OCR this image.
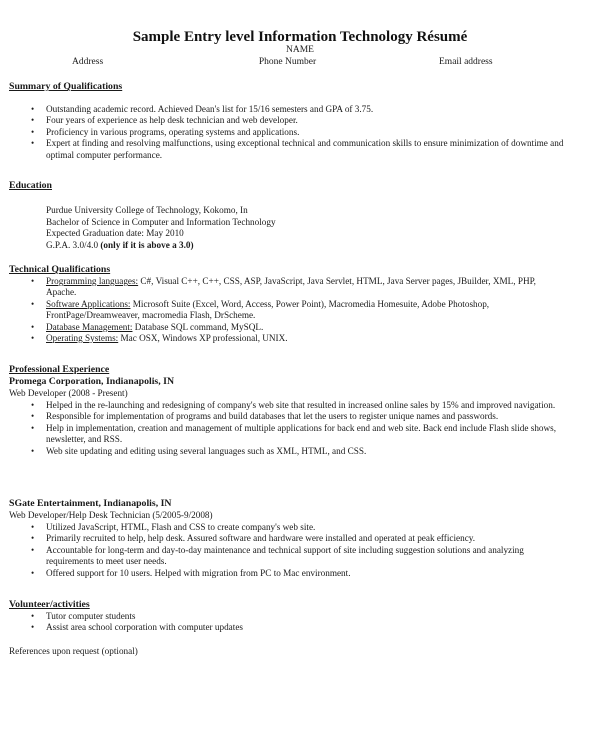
Sample Entry level Information Technology Résumé
NAME
Address	Phone Number	Email address
Summary of Qualifications
• Outstanding academic record. Achieved Dean's list for 15/16 semesters and GPA of 3.75.
• Four years of experience as help desk technician and web developer.
• Proficiency in various programs, operating systems and applications.
• Expert at finding and resolving malfunctions, using exceptional technical and communication skills to ensure minimization of downtime and optimal computer performance.
Education
Purdue University College of Technology, Kokomo, In
Bachelor of Science in Computer and Information Technology
Expected Graduation date: May 2010
G.P.A. 3.0/4.0 (only if it is above a 3.0)
Technical Qualifications
• Programming languages: C#, Visual C++, C++, CSS, ASP, JavaScript, Java Servlet, HTML, Java Server pages, JBuilder, XML, PHP, Apache.
• Software Applications: Microsoft Suite (Excel, Word, Access, Power Point), Macromedia Homesuite, Adobe Photoshop, FrontPage/Dreamweaver, macromedia Flash, DrScheme.
• Database Management: Database SQL command, MySQL.
• Operating Systems: Mac OSX, Windows XP professional, UNIX.
Professional Experience
Promega Corporation, Indianapolis, IN
Web Developer (2008 - Present)
• Helped in the re-launching and redesigning of company's web site that resulted in increased online sales by 15% and improved navigation.
• Responsible for implementation of programs and build databases that let the users to register unique names and passwords.
• Help in implementation, creation and management of multiple applications for back end and web site. Back end include Flash slide shows, newsletter, and RSS.
• Web site updating and editing using several languages such as XML, HTML, and CSS.
SGate Entertainment, Indianapolis, IN
Web Developer/Help Desk Technician (5/2005-9/2008)
• Utilized JavaScript, HTML, Flash and CSS to create company's web site.
• Primarily recruited to help, help desk. Assured software and hardware were installed and operated at peak efficiency.
• Accountable for long-term and day-to-day maintenance and technical support of site including suggestion solutions and analyzing requirements to meet user needs.
• Offered support for 10 users. Helped with migration from PC to Mac environment.
Volunteer/activities
• Tutor computer students
• Assist area school corporation with computer updates
References upon request (optional)
